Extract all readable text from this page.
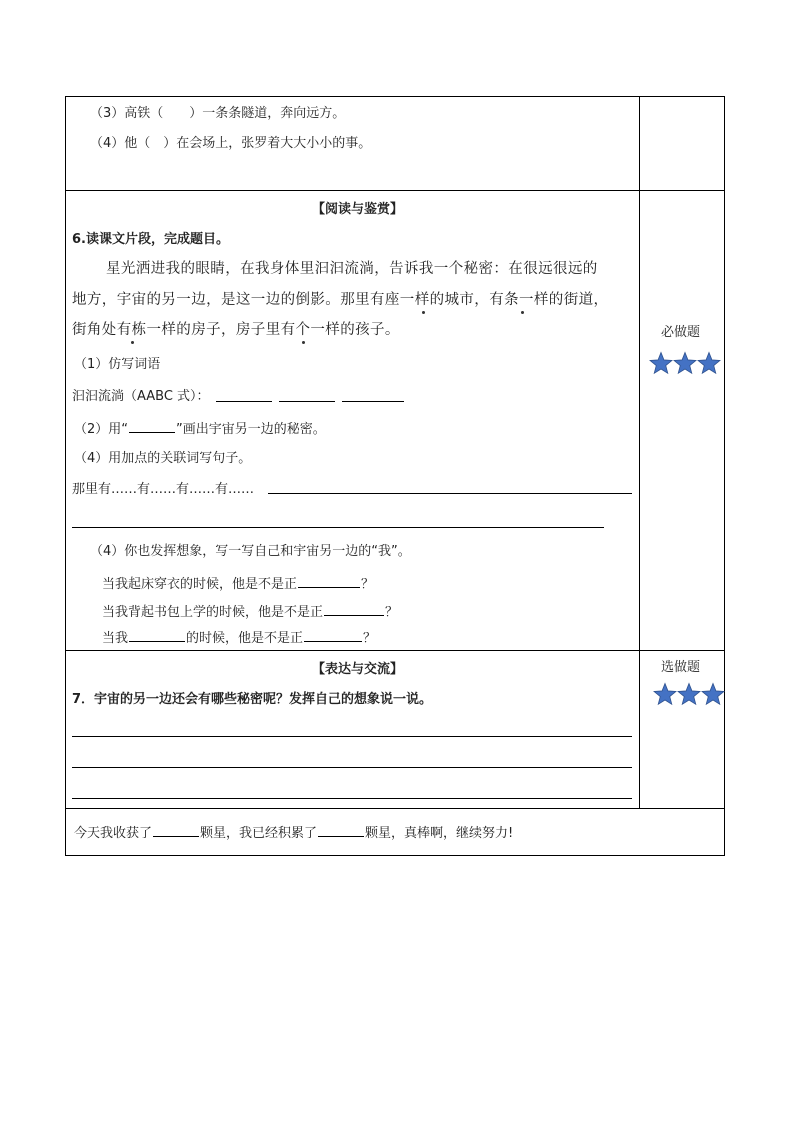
（3）高铁（　　）一条条隧道，奔向远方。
（4）他（　）在会场上，张罗着大大小小的事。
【阅读与鉴赏】
6.读课文片段，完成题目。
星光洒进我的眼睛，在我身体里汩汩流淌，告诉我一个秘密：在很远很远的
地方，宇宙的另一边，是这一边的倒影。那里有座一样的城市，有条一样的街道，
街角处有栋一样的房子，房子里有个一样的孩子。
（1）仿写词语
汩汩流淌（AABC 式）：
（2）用“	”画出宇宙另一边的秘密。
（4）用加点的关联词写句子。
那里有……有……有……有……
（4）你也发挥想象，写一写自己和宇宙另一边的“我”。
当我起床穿衣的时候，他是不是正	？
当我背起书包上学的时候，他是不是正	？
当我	的时候，他是不是正	？
必做题
【表达与交流】
7．宇宙的另一边还会有哪些秘密呢？发挥自己的想象说一说。
选做题
今天我收获了	颗星，我已经积累了	颗星，真棒啊，继续努力!
